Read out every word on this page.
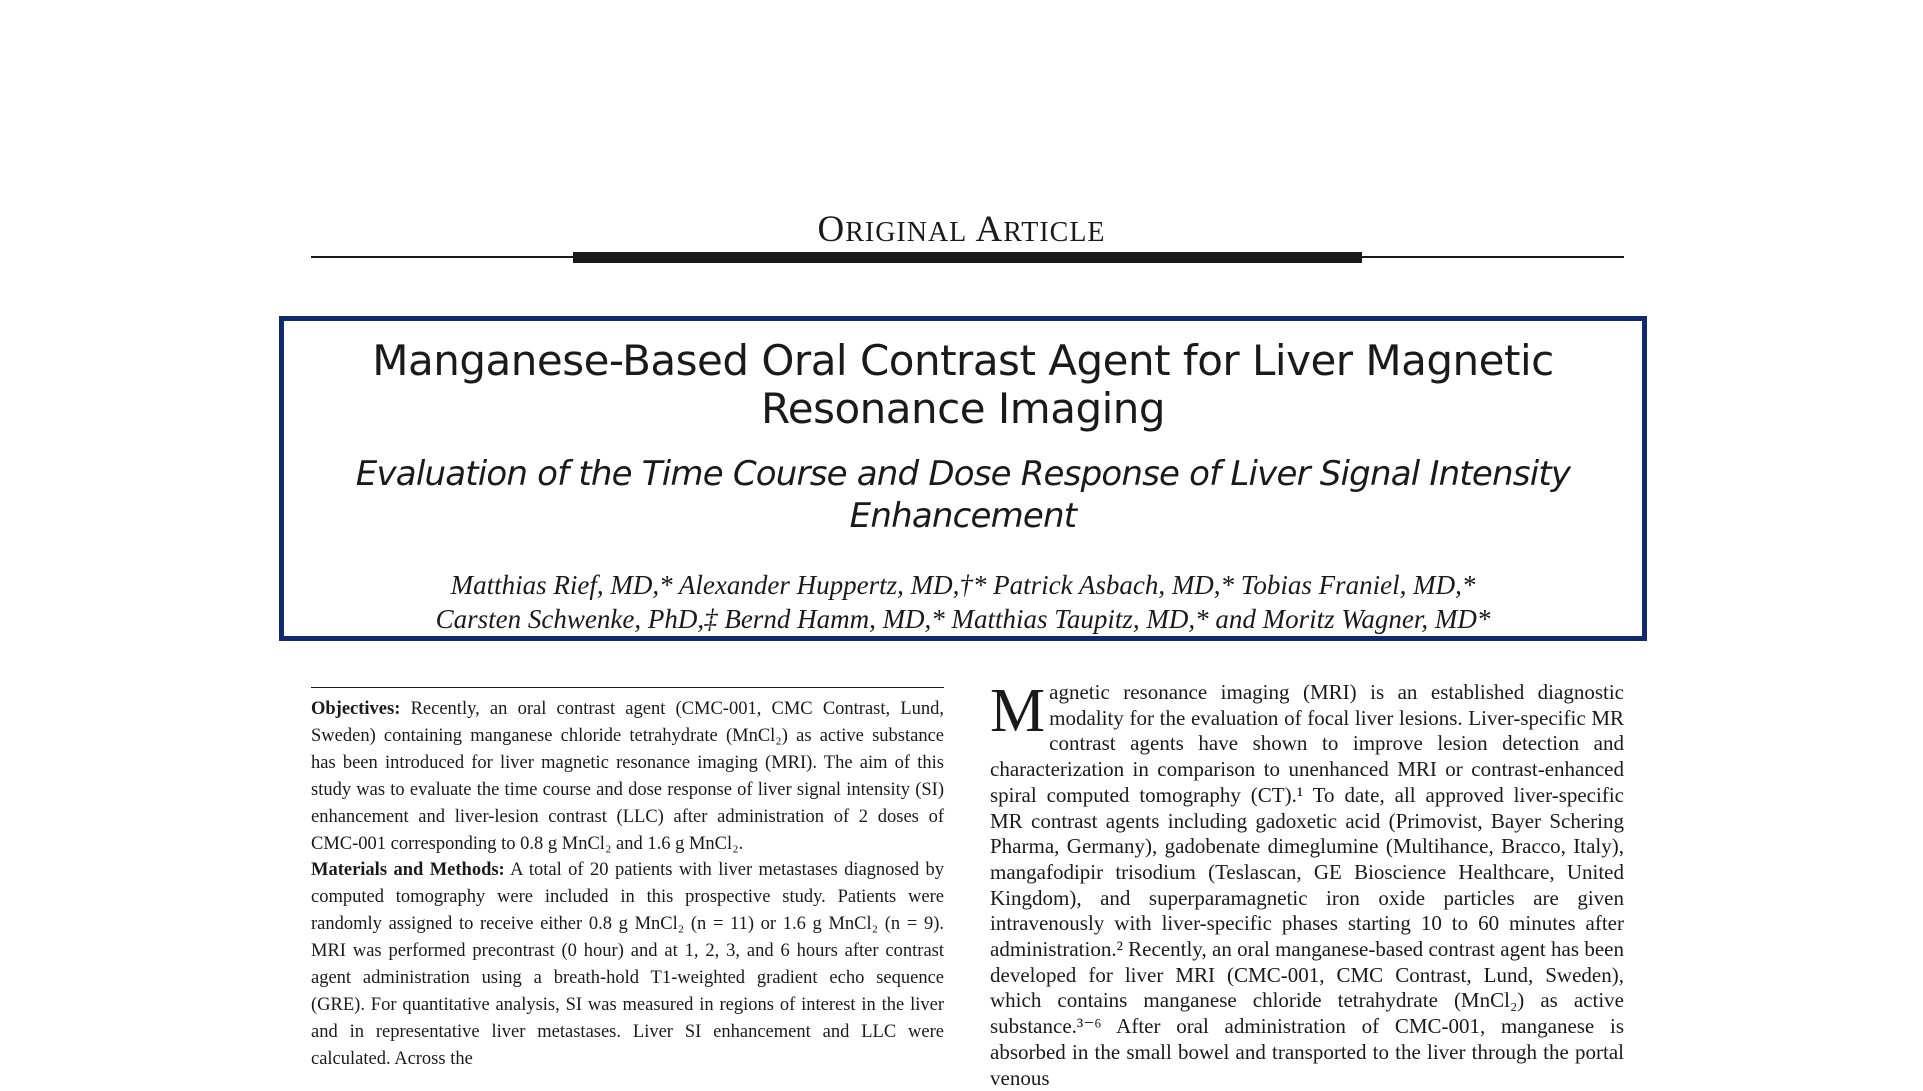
ORIGINAL ARTICLE
Manganese-Based Oral Contrast Agent for Liver Magnetic
Resonance Imaging
Evaluation of the Time Course and Dose Response of Liver Signal Intensity
Enhancement
Matthias Rief, MD,* Alexander Huppertz, MD,†* Patrick Asbach, MD,* Tobias Franiel, MD,*
Carsten Schwenke, PhD,‡ Bernd Hamm, MD,* Matthias Taupitz, MD,* and Moritz Wagner, MD*

Objectives: Recently, an oral contrast agent (CMC-001, CMC Contrast, Lund, Sweden) containing manganese chloride tetrahydrate (MnCl₂) as active substance has been introduced for liver magnetic resonance imaging (MRI). The aim of this study was to evaluate the time course and dose response of liver signal intensity (SI) enhancement and liver-lesion contrast (LLC) after administration of 2 doses of CMC-001 corresponding to 0.8 g MnCl₂ and 1.6 g MnCl₂.

Materials and Methods: A total of 20 patients with liver metastases diagnosed by computed tomography were included in this prospective study. Patients were randomly assigned to receive either 0.8 g MnCl₂ (n = 11) or 1.6 g MnCl₂ (n = 9). MRI was performed precontrast (0 hour) and at 1, 2, 3, and 6 hours after contrast agent administration using a breath-hold T1-weighted gradient echo sequence (GRE). For quantitative analysis, SI was measured in regions of interest in the liver and in representative liver metastases. Liver SI enhancement and LLC were calculated. Across the

Magnetic resonance imaging (MRI) is an established diagnostic modality for the evaluation of focal liver lesions. Liver-specific MR contrast agents have shown to improve lesion detection and characterization in comparison to unenhanced MRI or contrast-enhanced spiral computed tomography (CT).¹ To date, all approved liver-specific MR contrast agents including gadoxetic acid (Primovist, Bayer Schering Pharma, Germany), gadobenate dimeglumine (Multihance, Bracco, Italy), mangafodipir trisodium (Teslascan, GE Bioscience Healthcare, United Kingdom), and superparamagnetic iron oxide particles are given intravenously with liver-specific phases starting 10 to 60 minutes after administration.² Recently, an oral manganese-based contrast agent has been developed for liver MRI (CMC-001, CMC Contrast, Lund, Sweden), which contains manganese chloride tetrahydrate (MnCl₂) as active substance.³⁻⁶ After oral administration of CMC-001, manganese is absorbed in the small bowel and transported to the liver through the portal venous
